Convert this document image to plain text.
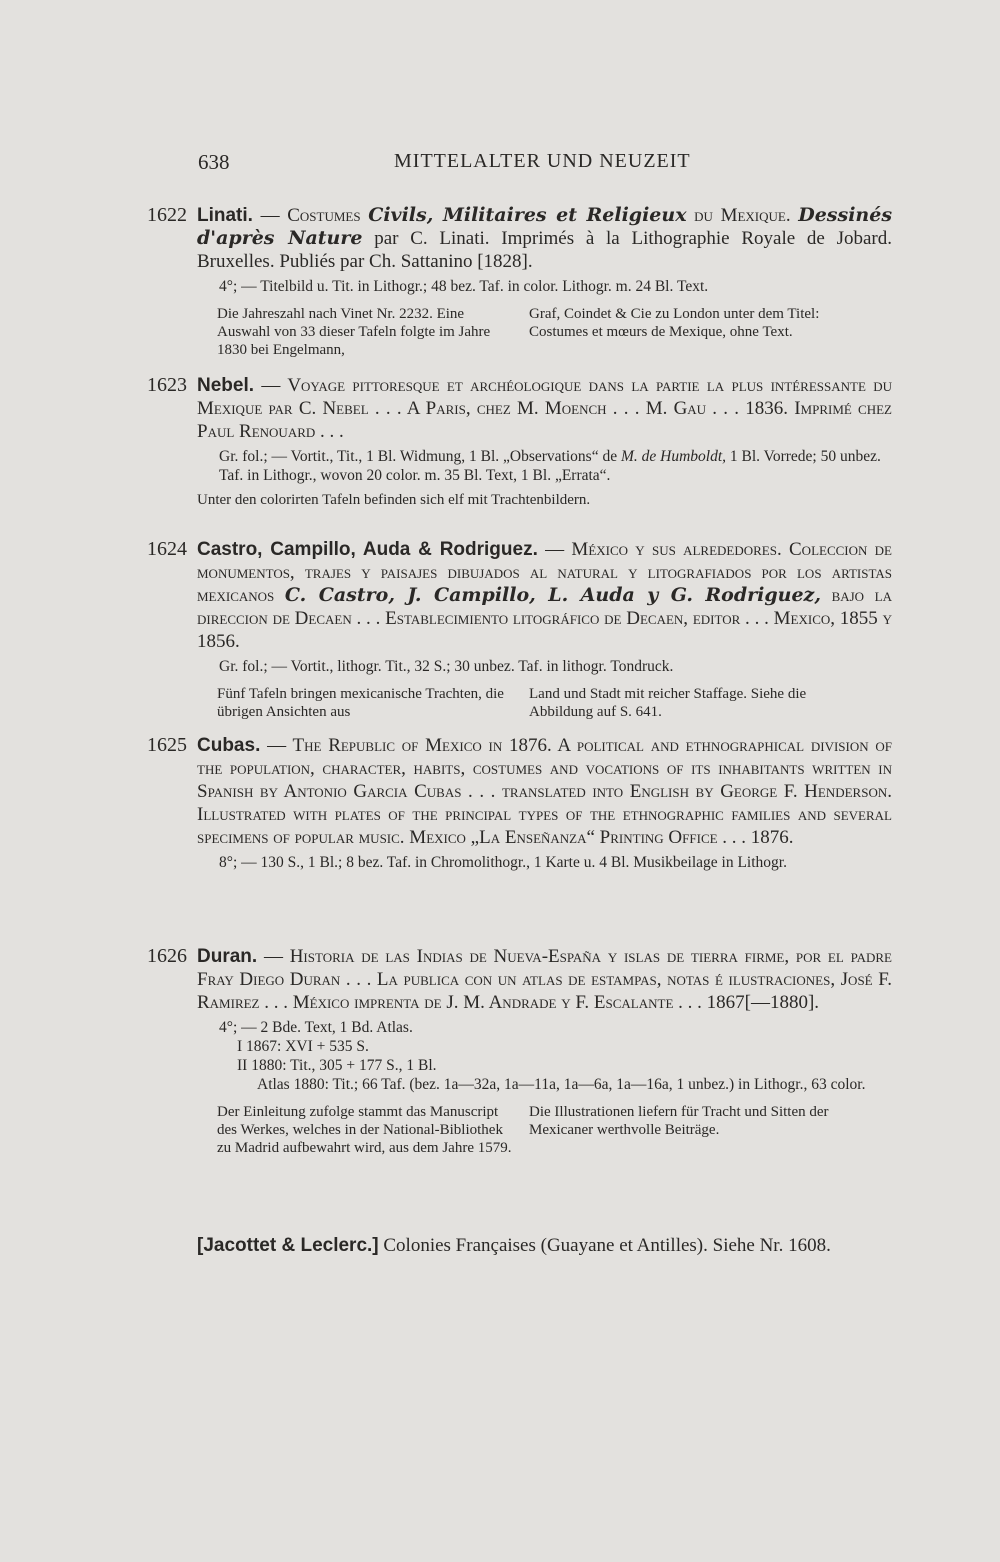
638	MITTELALTER UND NEUZEIT
1622 Linati. — Costumes Civils, Militaires et Religieux du Mexique. Dessinés d'après Nature par C. Linati. Imprimés à la Lithographie Royale de Jobard. Bruxelles. Publiés par Ch. Sattanino [1828].
4°; — Titelbild u. Tit. in Lithogr.; 48 bez. Taf. in color. Lithogr. m. 24 Bl. Text.
Die Jahreszahl nach Vinet Nr. 2232. Eine Auswahl von 33 dieser Tafeln folgte im Jahre 1830 bei Engelmann,
Graf, Coindet & Cie zu London unter dem Titel: Costumes et mœurs de Mexique, ohne Text.
1623 Nebel. — Voyage pittoresque et archéologique dans la partie la plus intéressante du Mexique par C. Nebel . . . A Paris, chez M. Moench . . . M. Gau . . . 1836. Imprimé chez Paul Renouard . . .
Gr. fol.; — Vortit., Tit., 1 Bl. Widmung, 1 Bl. „Observations“ de M. de Humboldt, 1 Bl. Vorrede; 50 unbez. Taf. in Lithogr., wovon 20 color. m. 35 Bl. Text, 1 Bl. „Errata“.
Unter den colorirten Tafeln befinden sich elf mit Trachtenbildern.
1624 Castro, Campillo, Auda & Rodriguez. — México y sus alrededores. Coleccion de monumentos, trajes y paisajes dibujados al natural y litografiados por los artistas mexicanos C. Castro, J. Campillo, L. Auda y G. Rodriguez, bajo la direccion de Decaen . . . Establecimiento litográfico de Decaen, editor . . . Mexico, 1855 y 1856.
Gr. fol.; — Vortit., lithogr. Tit., 32 S.; 30 unbez. Taf. in lithogr. Tondruck.
Fünf Tafeln bringen mexicanische Trachten, die übrigen Ansichten aus
Land und Stadt mit reicher Staffage. Siehe die Abbildung auf S. 641.
1625 Cubas. — The Republic of Mexico in 1876. A political and ethnographical division of the population, character, habits, costumes and vocations of its inhabitants written in Spanish by Antonio Garcia Cubas . . . translated into English by George F. Henderson. Illustrated with plates of the principal types of the ethnographic families and several specimens of popular music. Mexico „La Enseñanza“ Printing Office . . . 1876.
8°; — 130 S., 1 Bl.; 8 bez. Taf. in Chromolithogr., 1 Karte u. 4 Bl. Musikbeilage in Lithogr.
1626 Duran. — Historia de las Indias de Nueva-España y islas de tierra firme, por el padre Fray Diego Duran . . . La publica con un atlas de estampas, notas é ilustraciones, José F. Ramirez . . . México imprenta de J. M. Andrade y F. Escalante . . . 1867[—1880].
4°; — 2 Bde. Text, 1 Bd. Atlas.
I 1867: XVI + 535 S.
II 1880: Tit., 305 + 177 S., 1 Bl.
Atlas 1880: Tit.; 66 Taf. (bez. 1a—32a, 1a—11a, 1a—6a, 1a—16a, 1 unbez.) in Lithogr., 63 color.
Der Einleitung zufolge stammt das Manuscript des Werkes, welches in der National-Bibliothek zu Madrid aufbewahrt wird, aus dem Jahre 1579.
Die Illustrationen liefern für Tracht und Sitten der Mexicaner werthvolle Beiträge.
[Jacottet & Leclerc.] Colonies Françaises (Guayane et Antilles). Siehe Nr. 1608.
